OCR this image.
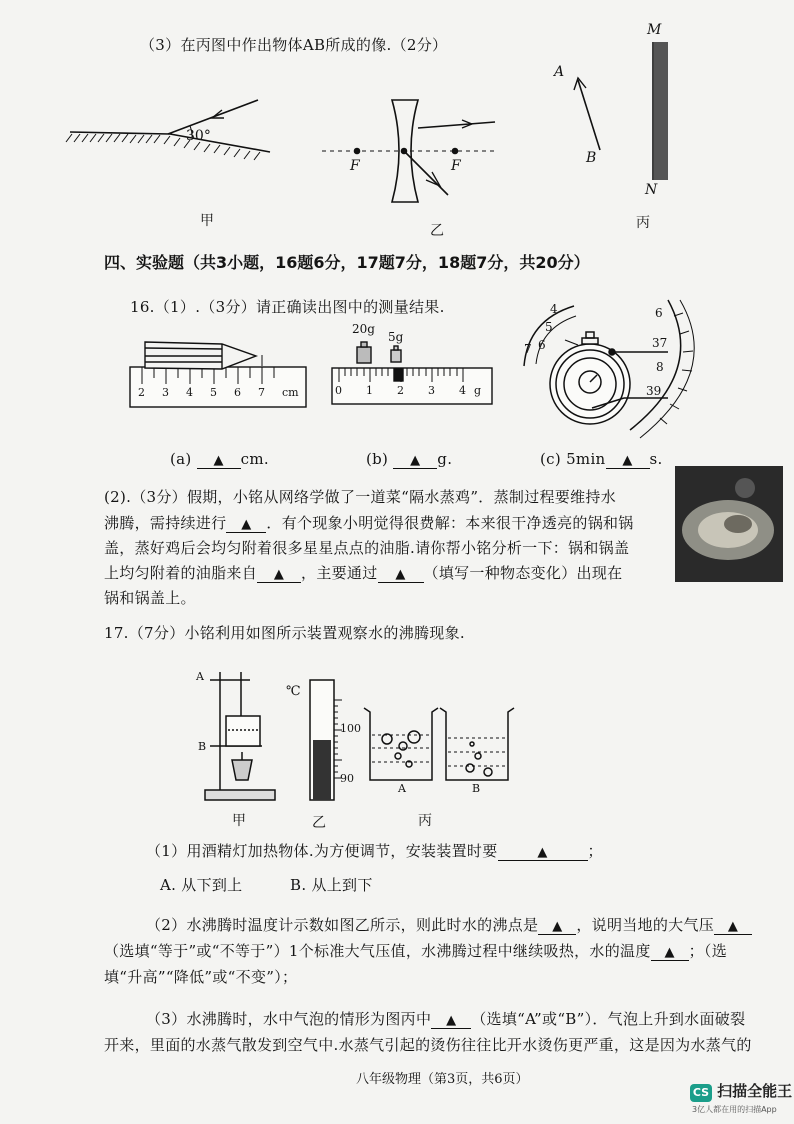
（3）在丙图中作出物体AB所成的像.（2分）
30°
甲
F	F
乙
A
B
M
N
丙
四、实验题（共3小题，16题6分，17题7分，18题7分，共20分）
16.（1）.（3分）请正确读出图中的测量结果.
2 3 4 5 6 7 cm
20g
5g
0 1 2 3 4 g
4
5
6
7
6
37
8
39
(a) ▲ cm.	(b) ▲ g.	(c) 5min ▲ s.
(2).（3分）假期，小铭从网络学做了一道菜“隔水蒸鸡”．蒸制过程要维持水
沸腾，需持续进行 ▲ ．有个现象小明觉得很费解：本来很干净透亮的锅和锅
盖，蒸好鸡后会均匀附着很多星星点点的油脂.请你帮小铭分析一下：锅和锅盖
上均匀附着的油脂来自 ▲ ，主要通过 ▲ （填写一种物态变化）出现在
锅和锅盖上。
17.（7分）小铭利用如图所示装置观察水的沸腾现象.
A
B
℃
100
90
A	B
甲	乙	丙
（1）用酒精灯加热物体.为方便调节，安装装置时要	▲	；
A. 从下到上	B. 从上到下
（2）水沸腾时温度计示数如图乙所示，则此时水的沸点是 ▲ ，说明当地的大气压 ▲
（选填“等于”或“不等于”）1个标准大气压值，水沸腾过程中继续吸热，水的温度 ▲ ；（选
填“升高”“降低”或“不变”）；
（3）水沸腾时，水中气泡的情形为图丙中 ▲ （选填“A”或“B”）．气泡上升到水面破裂
开来，里面的水蒸气散发到空气中.水蒸气引起的烫伤往往比开水烫伤更严重，这是因为水蒸气的
八年级物理（第3页，共6页）
CS 扫描全能王
3亿人都在用的扫描App
